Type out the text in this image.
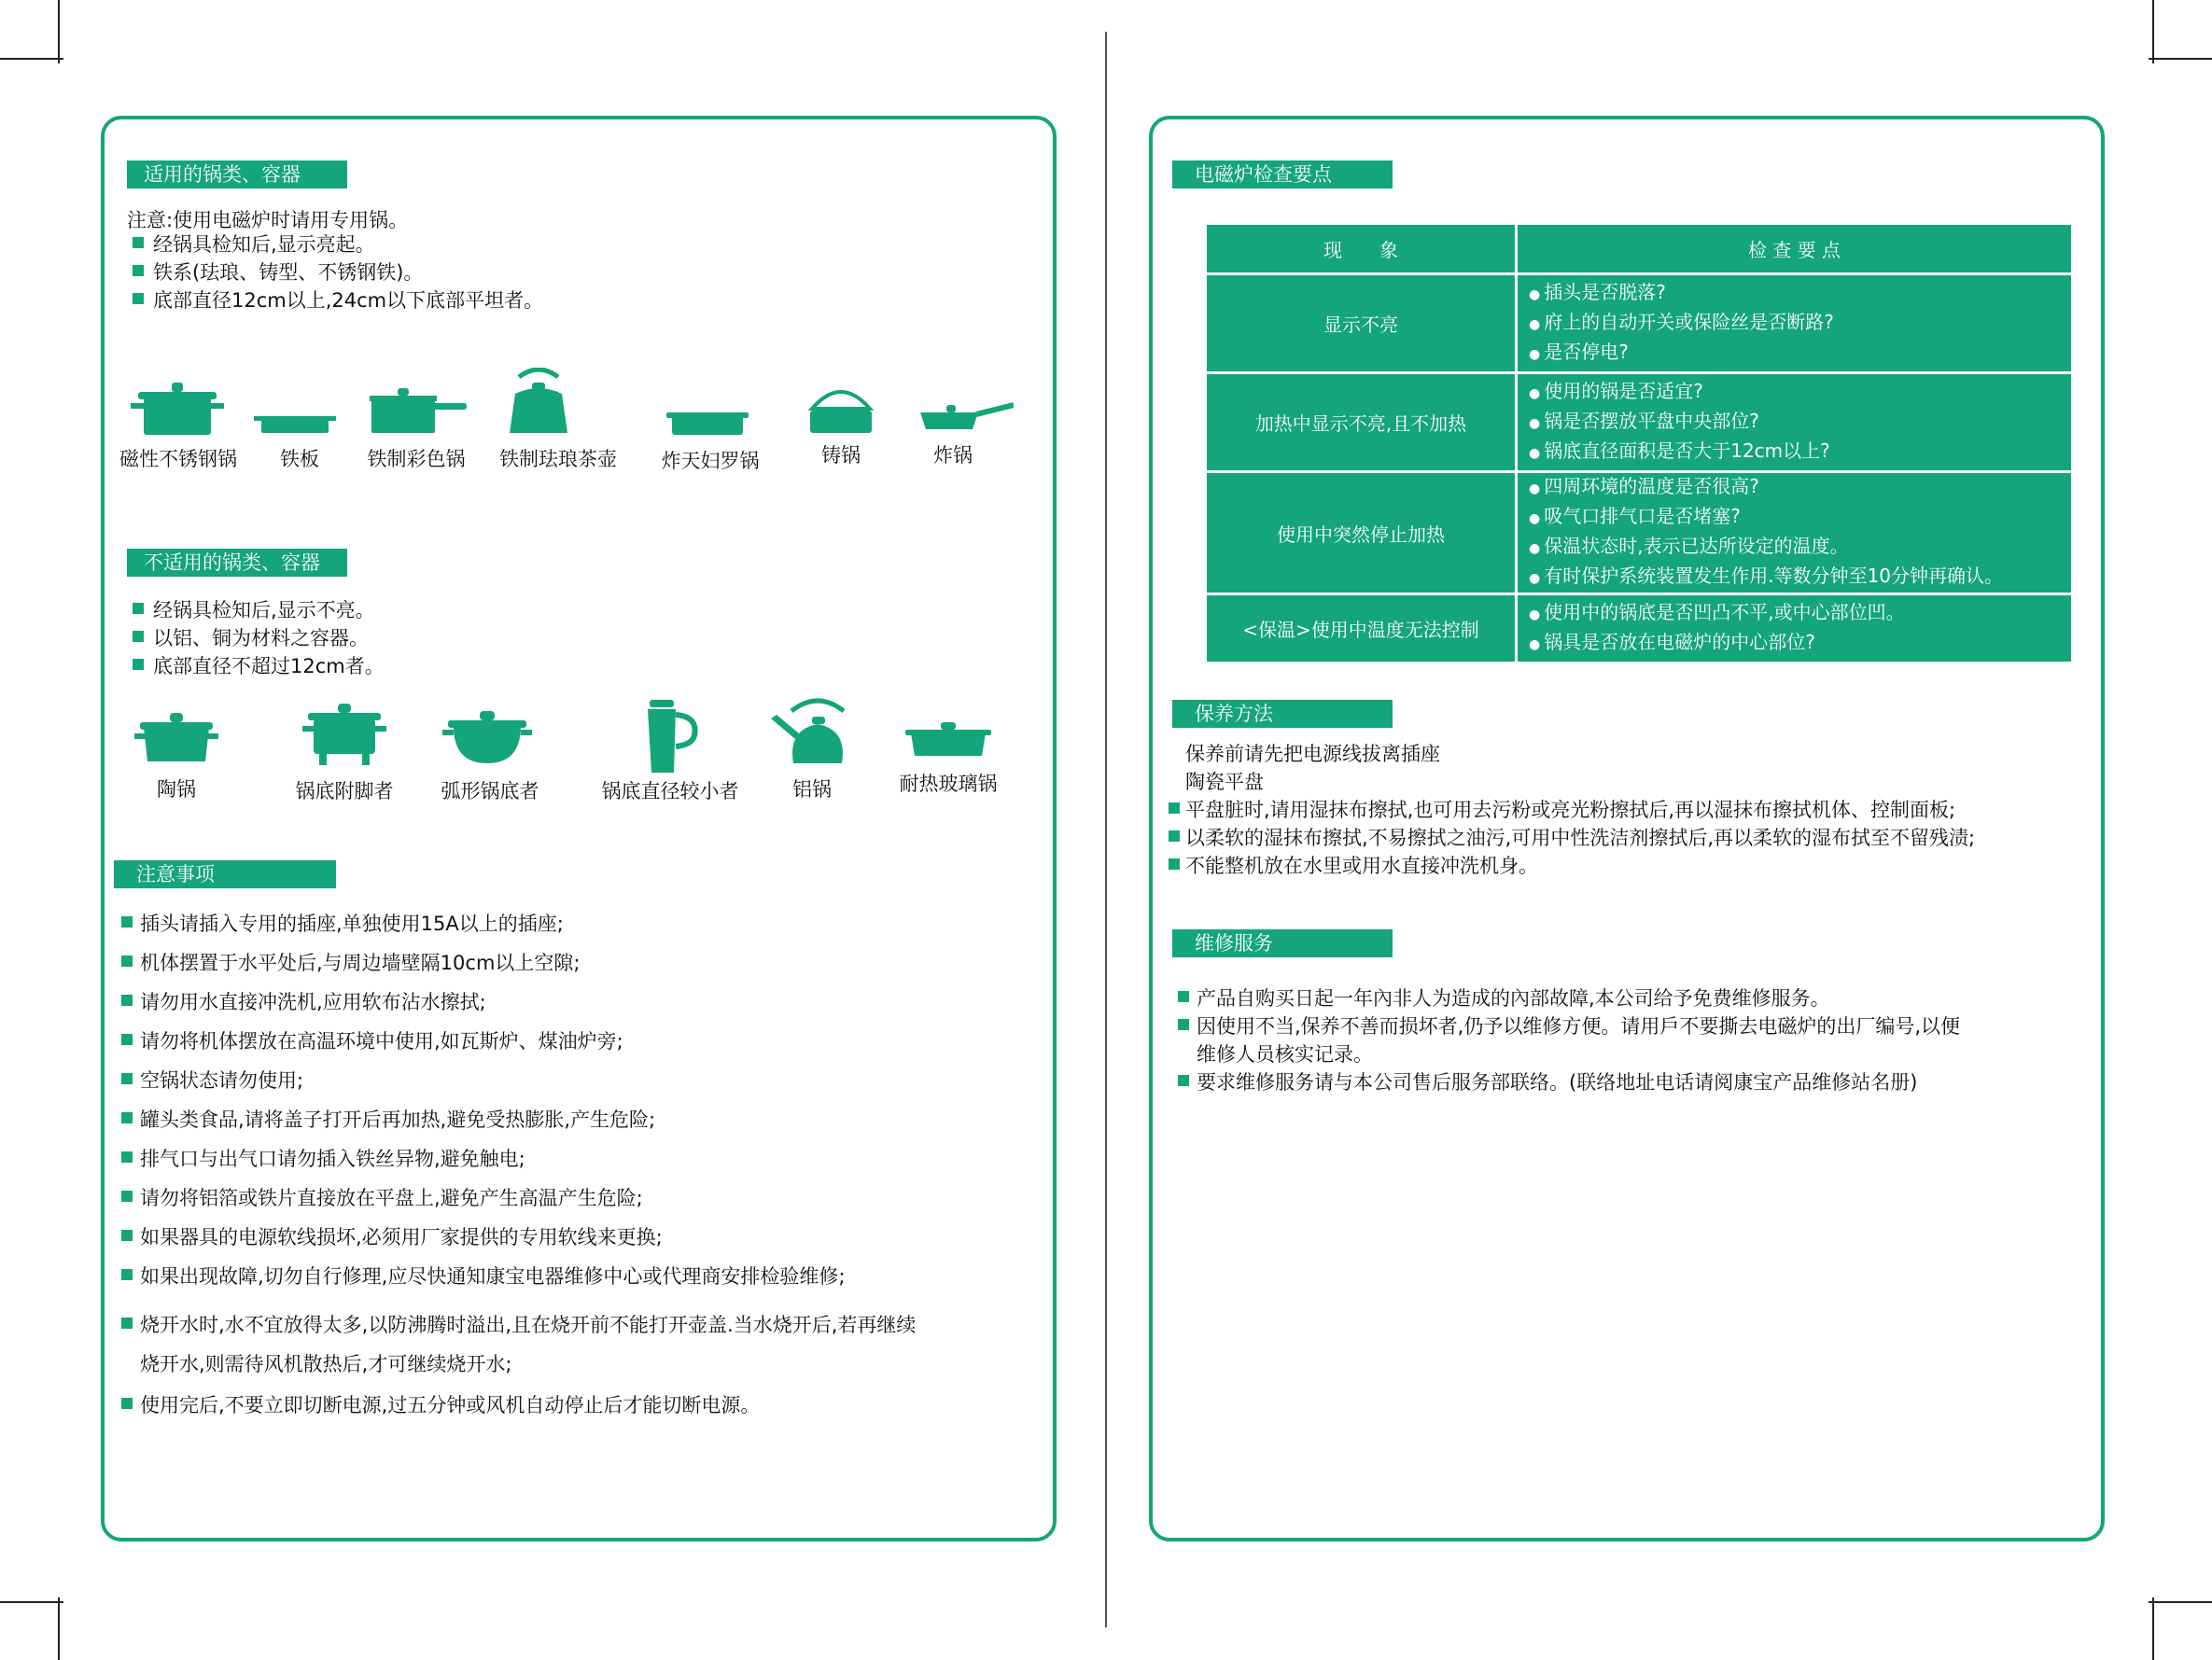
适用的锅类、容器
注意:使用电磁炉时请用专用锅。
经锅具检知后,显示亮起。
铁系(珐琅、铸型、不锈钢铁)。
底部直径12cm以上,24cm以下底部平坦者。
磁性不锈钢锅	铁板	铁制彩色锅	铁制珐琅茶壶	炸天妇罗锅	铸锅	炸锅
不适用的锅类、容器
经锅具检知后,显示不亮。
以铝、铜为材料之容器。
底部直径不超过12cm者。
陶锅	锅底附脚者	弧形锅底者	锅底直径较小者	铝锅	耐热玻璃锅
注意事项
插头请插入专用的插座,单独使用15A以上的插座;
机体摆置于水平处后,与周边墙壁隔10cm以上空隙;
请勿用水直接冲洗机,应用软布沾水擦拭;
请勿将机体摆放在高温环境中使用,如瓦斯炉、煤油炉旁;
空锅状态请勿使用;
罐头类食品,请将盖子打开后再加热,避免受热膨胀,产生危险;
排气口与出气口请勿插入铁丝异物,避免触电;
请勿将铝箔或铁片直接放在平盘上,避免产生高温产生危险;
如果器具的电源软线损坏,必须用厂家提供的专用软线来更换;
如果出现故障,切勿自行修理,应尽快通知康宝电器维修中心或代理商安排检验维修;
烧开水时,水不宜放得太多,以防沸腾时溢出,且在烧开前不能打开壶盖.当水烧开后,若再继续
烧开水,则需待风机散热后,才可继续烧开水;
使用完后,不要立即切断电源,过五分钟或风机自动停止后才能切断电源。
电磁炉检查要点
现　　象	检 查 要 点
显示不亮	● 插头是否脱落?
● 府上的自动开关或保险丝是否断路?
● 是否停电?

加热中显示不亮,且不加热	● 使用的锅是否适宜?
● 锅是否摆放平盘中央部位?
● 锅底直径面积是否大于12cm以上?

使用中突然停止加热	● 四周环境的温度是否很高?
● 吸气口排气口是否堵塞?
● 保温状态时,表示已达所设定的温度。
● 有时保护系统装置发生作用.等数分钟至10分钟再确认。

<保温>使用中温度无法控制	● 使用中的锅底是否凹凸不平,或中心部位凹。
● 锅具是否放在电磁炉的中心部位?
保养方法
保养前请先把电源线拔离插座
陶瓷平盘
平盘脏时,请用湿抹布擦拭,也可用去污粉或亮光粉擦拭后,再以湿抹布擦拭机体、控制面板;
以柔软的湿抹布擦拭,不易擦拭之油污,可用中性洗洁剂擦拭后,再以柔软的湿布拭至不留残渍;
不能整机放在水里或用水直接冲洗机身。
维修服务
产品自购买日起一年內非人为造成的內部故障,本公司给予免费维修服务。
因使用不当,保养不善而损坏者,仍予以维修方便。请用戶不要撕去电磁炉的出厂编号,以便
维修人员核实记录。
要求维修服务请与本公司售后服务部联络。(联络地址电话请阅康宝产品维修站名册)
